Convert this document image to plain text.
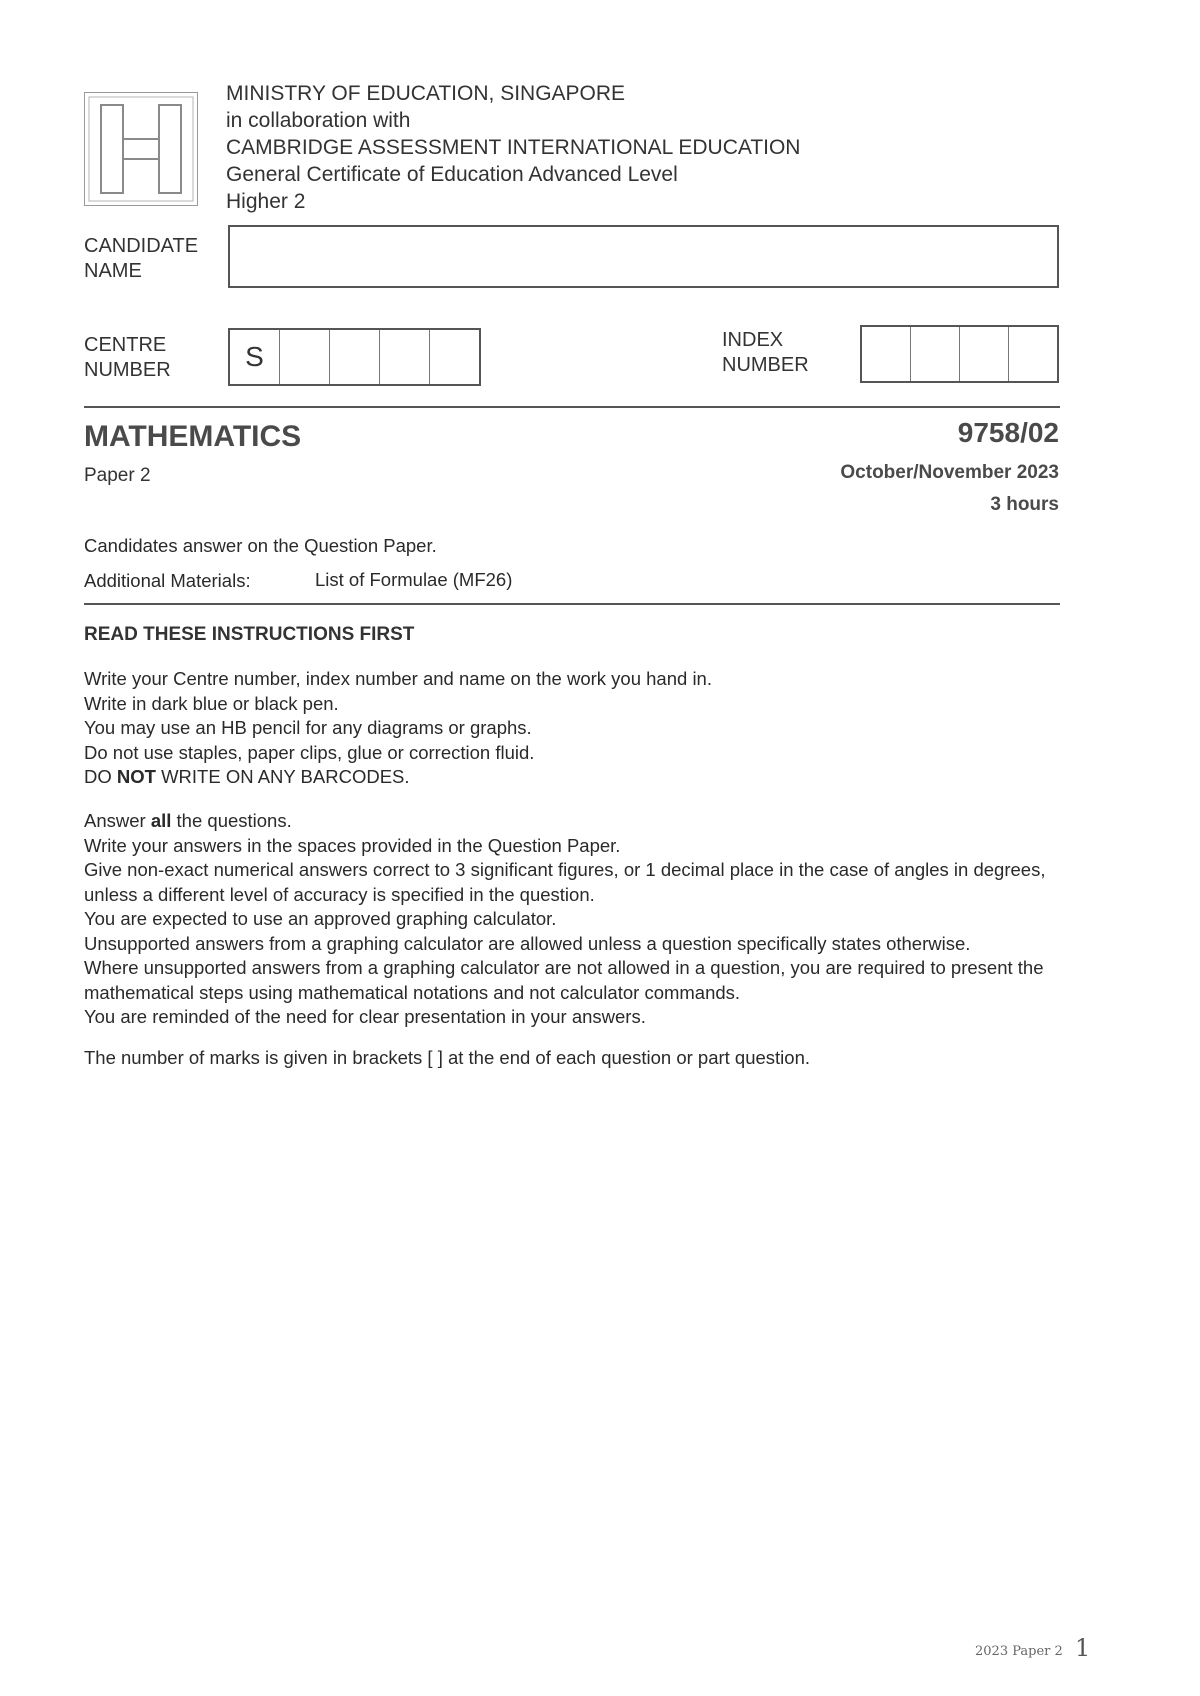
MINISTRY OF EDUCATION, SINGAPORE
in collaboration with
CAMBRIDGE ASSESSMENT INTERNATIONAL EDUCATION
General Certificate of Education Advanced Level
Higher 2
CANDIDATE
NAME
CENTRE
NUMBER	S
INDEX
NUMBER
MATHEMATICS	9758/02
Paper 2	October/November 2023
3 hours
Candidates answer on the Question Paper.
Additional Materials:	List of Formulae (MF26)
READ THESE INSTRUCTIONS FIRST
Write your Centre number, index number and name on the work you hand in.
Write in dark blue or black pen.
You may use an HB pencil for any diagrams or graphs.
Do not use staples, paper clips, glue or correction fluid.
DO NOT WRITE ON ANY BARCODES.
Answer all the questions.
Write your answers in the spaces provided in the Question Paper.
Give non-exact numerical answers correct to 3 significant figures, or 1 decimal place in the case of angles in degrees, unless a different level of accuracy is specified in the question.
You are expected to use an approved graphing calculator.
Unsupported answers from a graphing calculator are allowed unless a question specifically states otherwise.
Where unsupported answers from a graphing calculator are not allowed in a question, you are required to present the mathematical steps using mathematical notations and not calculator commands.
You are reminded of the need for clear presentation in your answers.
The number of marks is given in brackets [ ] at the end of each question or part question.
2023 Paper 2 1
